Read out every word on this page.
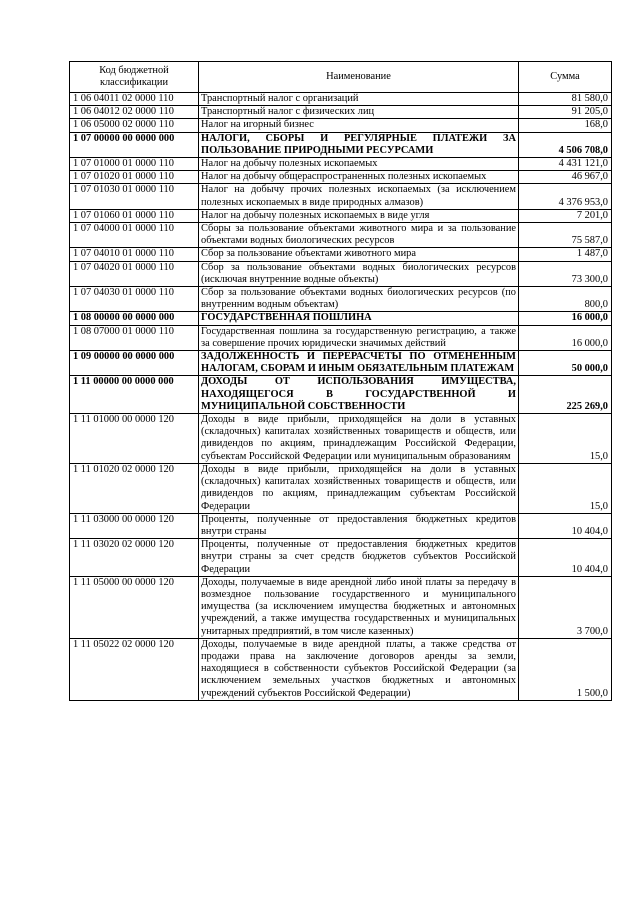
Код бюджетной классификации	Наименование	Сумма
1 06 04011 02 0000 110	Транспортный налог с организаций	81 580,0
1 06 04012 02 0000 110	Транспортный налог с физических лиц	91 205,0
1 06 05000 02 0000 110	Налог на игорный бизнес	168,0
1 07 00000 00 0000 000	НАЛОГИ, СБОРЫ И РЕГУЛЯРНЫЕ ПЛАТЕЖИ ЗА ПОЛЬЗОВАНИЕ ПРИРОДНЫМИ РЕСУРСАМИ	4 506 708,0
1 07 01000 01 0000 110	Налог на добычу полезных ископаемых	4 431 121,0
1 07 01020 01 0000 110	Налог на добычу общераспространенных полезных ископаемых	46 967,0
1 07 01030 01 0000 110	Налог на добычу прочих полезных ископаемых (за исключением полезных ископаемых в виде природных алмазов)	4 376 953,0
1 07 01060 01 0000 110	Налог на добычу полезных ископаемых в виде угля	7 201,0
1 07 04000 01 0000 110	Сборы за пользование объектами животного мира и за пользование объектами водных биологических ресурсов	75 587,0
1 07 04010 01 0000 110	Сбор за пользование объектами животного мира	1 487,0
1 07 04020 01 0000 110	Сбор за пользование объектами водных биологических ресурсов (исключая внутренние водные объекты)	73 300,0
1 07 04030 01 0000 110	Сбор за пользование объектами водных биологических ресурсов (по внутренним водным объектам)	800,0
1 08 00000 00 0000 000	ГОСУДАРСТВЕННАЯ ПОШЛИНА	16 000,0
1 08 07000 01 0000 110	Государственная пошлина за государственную регистрацию, а также за совершение прочих юридически значимых действий	16 000,0
1 09 00000 00 0000 000	ЗАДОЛЖЕННОСТЬ И ПЕРЕРАСЧЕТЫ ПО ОТМЕНЕННЫМ НАЛОГАМ, СБОРАМ И ИНЫМ ОБЯЗАТЕЛЬНЫМ ПЛАТЕЖАМ	50 000,0
1 11 00000 00 0000 000	ДОХОДЫ ОТ ИСПОЛЬЗОВАНИЯ ИМУЩЕСТВА, НАХОДЯЩЕГОСЯ В ГОСУДАРСТВЕННОЙ И МУНИЦИПАЛЬНОЙ СОБСТВЕННОСТИ	225 269,0
1 11 01000 00 0000 120	Доходы в виде прибыли, приходящейся на доли в уставных (складочных) капиталах хозяйственных товариществ и обществ, или дивидендов по акциям, принадлежащим Российской Федерации, субъектам Российской Федерации или муниципальным образованиям	15,0
1 11 01020 02 0000 120	Доходы в виде прибыли, приходящейся на доли в уставных (складочных) капиталах хозяйственных товариществ и обществ, или дивидендов по акциям, принадлежащим субъектам Российской Федерации	15,0
1 11 03000 00 0000 120	Проценты, полученные от предоставления бюджетных кредитов внутри страны	10 404,0
1 11 03020 02 0000 120	Проценты, полученные от предоставления бюджетных кредитов внутри страны за счет средств бюджетов субъектов Российской Федерации	10 404,0
1 11 05000 00 0000 120	Доходы, получаемые в виде арендной либо иной платы за передачу в возмездное пользование государственного и муниципального имущества (за исключением имущества бюджетных и автономных учреждений, а также имущества государственных и муниципальных унитарных предприятий, в том числе казенных)	3 700,0
1 11 05022 02 0000 120	Доходы, получаемые в виде арендной платы, а также средства от продажи права на заключение договоров аренды за земли, находящиеся в собственности субъектов Российской Федерации (за исключением земельных участков бюджетных и автономных учреждений субъектов Российской Федерации)	1 500,0
